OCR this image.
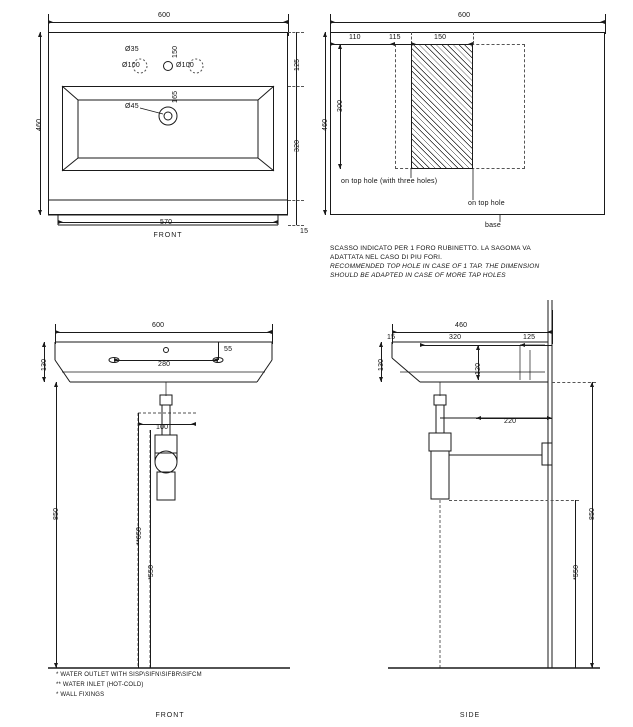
600
460
125
320
15
570
Ø35
Ø100	Ø100
Ø45
150
165
FRONT
600
110	115	150
300
460
on top hole (with three holes)
on top hole
base
SCASSO INDICATO PER 1 FORO RUBINETTO. LA SAGOMA VA
ADATTATA NEL CASO DI PIU FORI.
RECOMMENDED TOP HOLE IN CASE OF 1 TAP. THE DIMENSION
SHOULD BE ADAPTED IN CASE OF MORE TAP HOLES
600
130	280
55
100
850
**650
*550
FRONT
* WATER OUTLET WITH SISP\SIFN\SIFBR\SIFCM
** WATER INLET (HOT-COLD)
* WALL FIXINGS
460
15	320	125
130	120
220
850
*550
SIDE
